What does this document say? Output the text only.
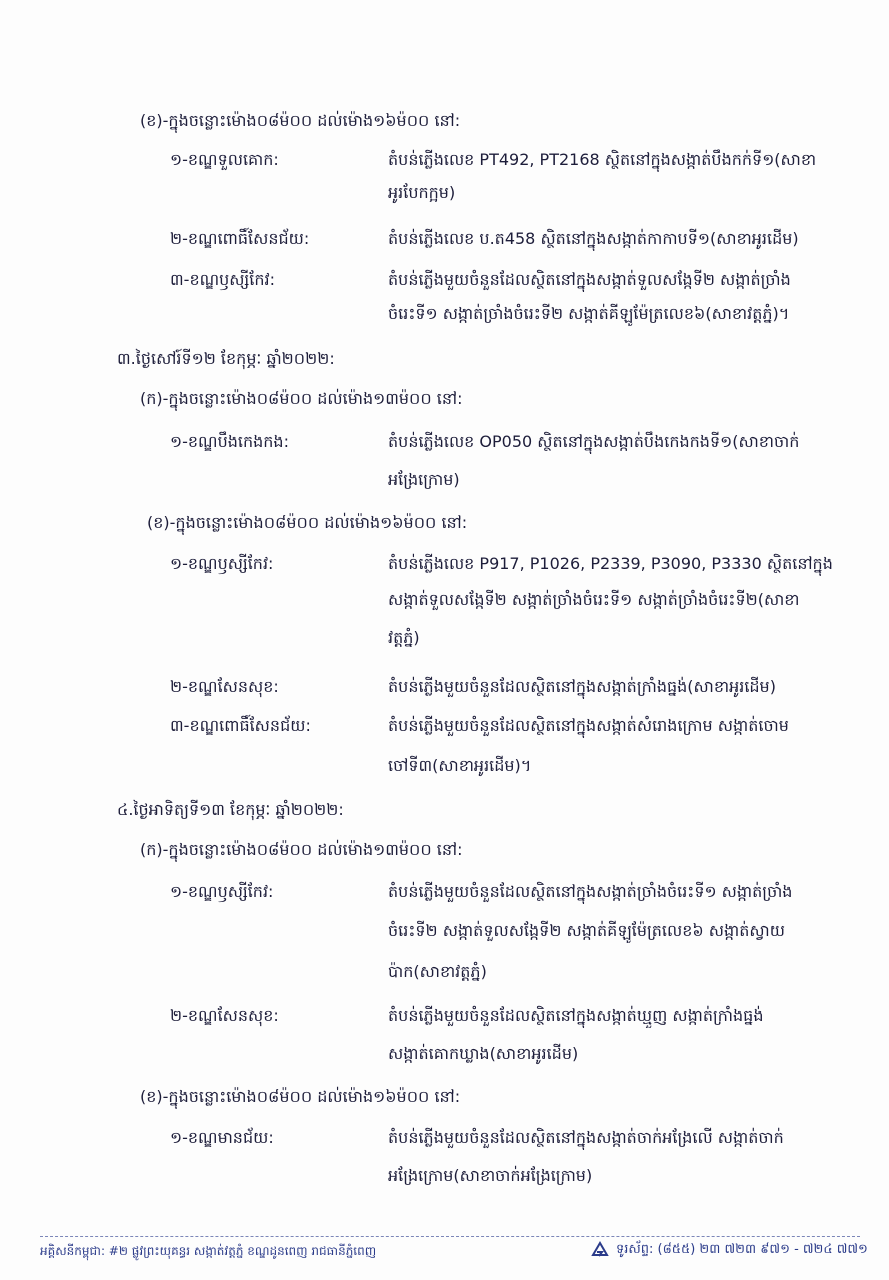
(ខ)-ក្នុងចន្លោះម៉ោង០៨ម៉០០ ដល់ម៉ោង១៦ម៉០០ នៅ:
១-ខណ្ឌទួលគោក:	តំបន់ភ្លើងលេខ PT492, PT2168 ស្ថិតនៅក្នុងសង្កាត់បឹងកក់ទី១(សាខា
អូរបែកក្អម)
២-ខណ្ឌពោធិ៍សែនជ័យ:	តំបន់ភ្លើងលេខ ប.ត458 ស្ថិតនៅក្នុងសង្កាត់កាកាបទី១(សាខាអូរដើម)
៣-ខណ្ឌឫស្សីកែវ:	តំបន់ភ្លើងមួយចំនួនដែលស្ថិតនៅក្នុងសង្កាត់ទួលសង្កែទី២ សង្កាត់ច្រាំង
ចំរេះទី១ សង្កាត់ច្រាំងចំរេះទី២ សង្កាត់គីឡូម៉ែត្រលេខ៦(សាខាវត្តភ្នំ)។
៣.ថ្ងៃសៅរ៍ទី១២ ខែកុម្ភៈ ឆ្នាំ២០២២:
(ក)-ក្នុងចន្លោះម៉ោង០៨ម៉០០ ដល់ម៉ោង១៣ម៉០០ នៅ:
១-ខណ្ឌបឹងកេងកង:	តំបន់ភ្លើងលេខ OP050 ស្ថិតនៅក្នុងសង្កាត់បឹងកេងកងទី១(សាខាចាក់
អង្រែក្រោម)
(ខ)-ក្នុងចន្លោះម៉ោង០៨ម៉០០ ដល់ម៉ោង១៦ម៉០០ នៅ:
១-ខណ្ឌឫស្សីកែវ:	តំបន់ភ្លើងលេខ P917, P1026, P2339, P3090, P3330 ស្ថិតនៅក្នុង
សង្កាត់ទួលសង្កែទី២ សង្កាត់ច្រាំងចំរេះទី១ សង្កាត់ច្រាំងចំរេះទី២(សាខា
វត្តភ្នំ)
២-ខណ្ឌសែនសុខ:	តំបន់ភ្លើងមួយចំនួនដែលស្ថិតនៅក្នុងសង្កាត់ក្រាំងធ្នង់(សាខាអូរដើម)
៣-ខណ្ឌពោធិ៍សែនជ័យ:	តំបន់ភ្លើងមួយចំនួនដែលស្ថិតនៅក្នុងសង្កាត់សំរោងក្រោម សង្កាត់ចោម
ចៅទី៣(សាខាអូរដើម)។
៤.ថ្ងៃអាទិត្យទី១៣ ខែកុម្ភៈ ឆ្នាំ២០២២:
(ក)-ក្នុងចន្លោះម៉ោង០៨ម៉០០ ដល់ម៉ោង១៣ម៉០០ នៅ:
១-ខណ្ឌឫស្សីកែវ:	តំបន់ភ្លើងមួយចំនួនដែលស្ថិតនៅក្នុងសង្កាត់ច្រាំងចំរេះទី១ សង្កាត់ច្រាំង
ចំរេះទី២ សង្កាត់ទួលសង្កែទី២ សង្កាត់គីឡូម៉ែត្រលេខ៦ សង្កាត់ស្វាយ
ប៉ាក(សាខាវត្តភ្នំ)
២-ខណ្ឌសែនសុខ:	តំបន់ភ្លើងមួយចំនួនដែលស្ថិតនៅក្នុងសង្កាត់ឃ្មួញ សង្កាត់ក្រាំងធ្នង់
សង្កាត់គោកឃ្លាង(សាខាអូរដើម)
(ខ)-ក្នុងចន្លោះម៉ោង០៨ម៉០០ ដល់ម៉ោង១៦ម៉០០ នៅ:
១-ខណ្ឌមានជ័យ:	តំបន់ភ្លើងមួយចំនួនដែលស្ថិតនៅក្នុងសង្កាត់ចាក់អង្រែលើ សង្កាត់ចាក់
អង្រែក្រោម(សាខាចាក់អង្រែក្រោម)
អគ្គិសនីកម្ពុជា: #២ ផ្លូវព្រះយុគន្ធរ សង្កាត់វត្តភ្នំ ខណ្ឌដូនពេញ រាជធានីភ្នំពេញ	ទូរស័ព្ទ: (៨៥៥) ២៣ ៧២៣ ៩៧១ - ៧២៤ ៧៧១
